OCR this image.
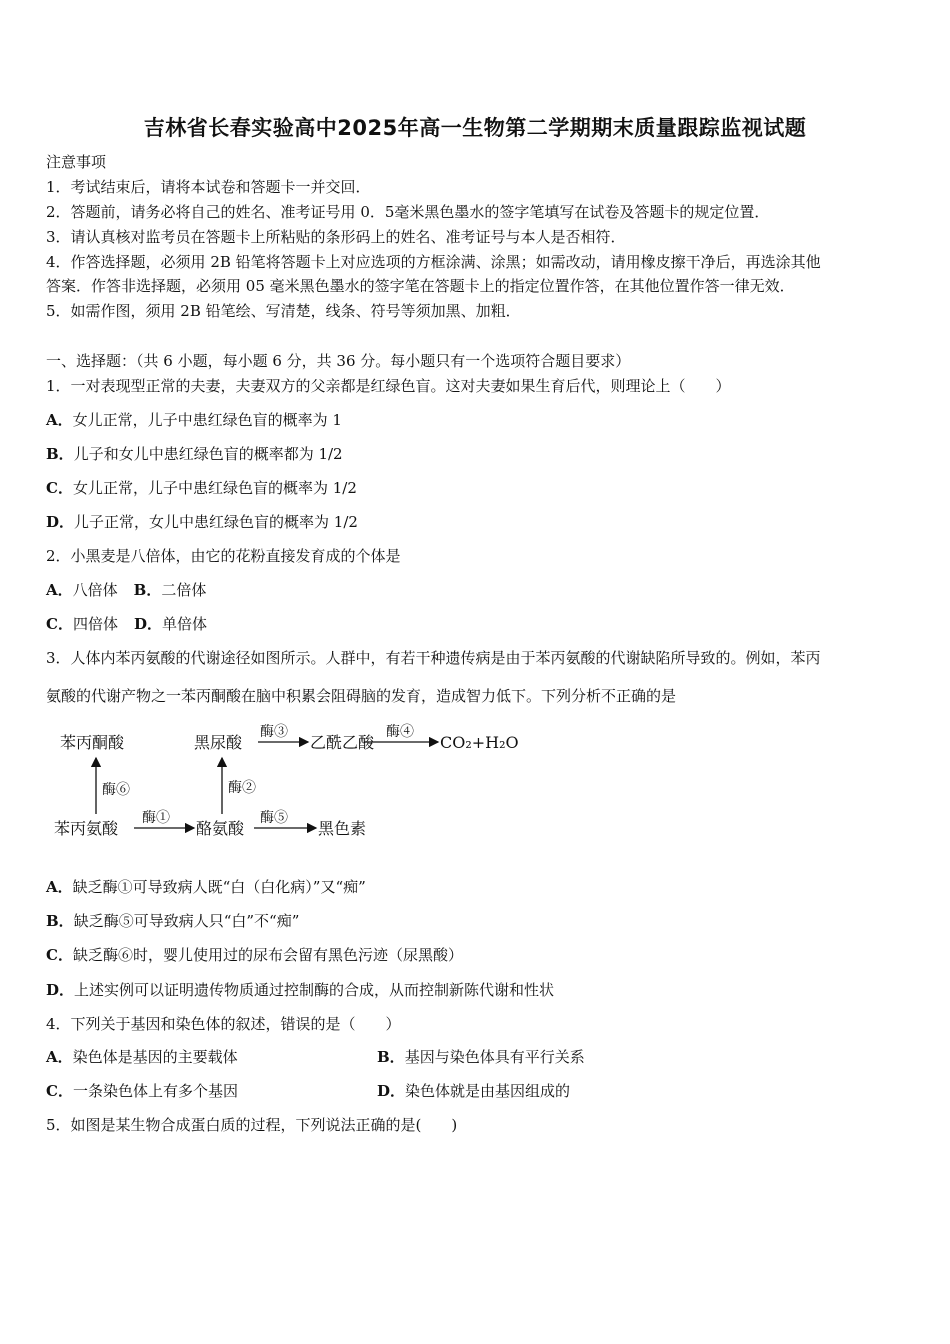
吉林省长春实验高中2025年高一生物第二学期期末质量跟踪监视试题
注意事项
1．考试结束后，请将本试卷和答题卡一并交回．
2．答题前，请务必将自己的姓名、准考证号用 0．5毫米黑色墨水的签字笔填写在试卷及答题卡的规定位置．
3．请认真核对监考员在答题卡上所粘贴的条形码上的姓名、准考证号与本人是否相符．
4．作答选择题，必须用 2B 铅笔将答题卡上对应选项的方框涂满、涂黑；如需改动，请用橡皮擦干净后，再选涂其他
答案．作答非选择题，必须用 05 毫米黑色墨水的签字笔在答题卡上的指定位置作答，在其他位置作答一律无效．
5．如需作图，须用 2B 铅笔绘、写清楚，线条、符号等须加黑、加粗．
一、选择题：（共 6 小题，每小题 6 分，共 36 分。每小题只有一个选项符合题目要求）
1．一对表现型正常的夫妻，夫妻双方的父亲都是红绿色盲。这对夫妻如果生育后代，则理论上（　　）
A．女儿正常，儿子中患红绿色盲的概率为 1
B．儿子和女儿中患红绿色盲的概率都为 1/2
C．女儿正常，儿子中患红绿色盲的概率为 1/2
D．儿子正常，女儿中患红绿色盲的概率为 1/2
2．小黑麦是八倍体，由它的花粉直接发育成的个体是
A．八倍体 B．二倍体
C．四倍体 D．单倍体
3．人体内苯丙氨酸的代谢途径如图所示。人群中，有若干种遗传病是由于苯丙氨酸的代谢缺陷所导致的。例如，苯丙
氨酸的代谢产物之一苯丙酮酸在脑中积累会阻碍脑的发育，造成智力低下。下列分析不正确的是
苯丙酮酸	黑尿酸	乙酰乙酸	CO₂+H₂O
苯丙氨酸	酪氨酸	黑色素
酶③	酶④
酶⑥	酶②
酶①	酶⑤
A．缺乏酶①可导致病人既“白（白化病）”又“痴”
B．缺乏酶⑤可导致病人只“白”不“痴”
C．缺乏酶⑥时，婴儿使用过的尿布会留有黑色污迹（尿黑酸）
D．上述实例可以证明遗传物质通过控制酶的合成，从而控制新陈代谢和性状
4．下列关于基因和染色体的叙述，错误的是（　　）
A．染色体是基因的主要载体	B．基因与染色体具有平行关系
C．一条染色体上有多个基因	D．染色体就是由基因组成的
5．如图是某生物合成蛋白质的过程，下列说法正确的是(　　)
